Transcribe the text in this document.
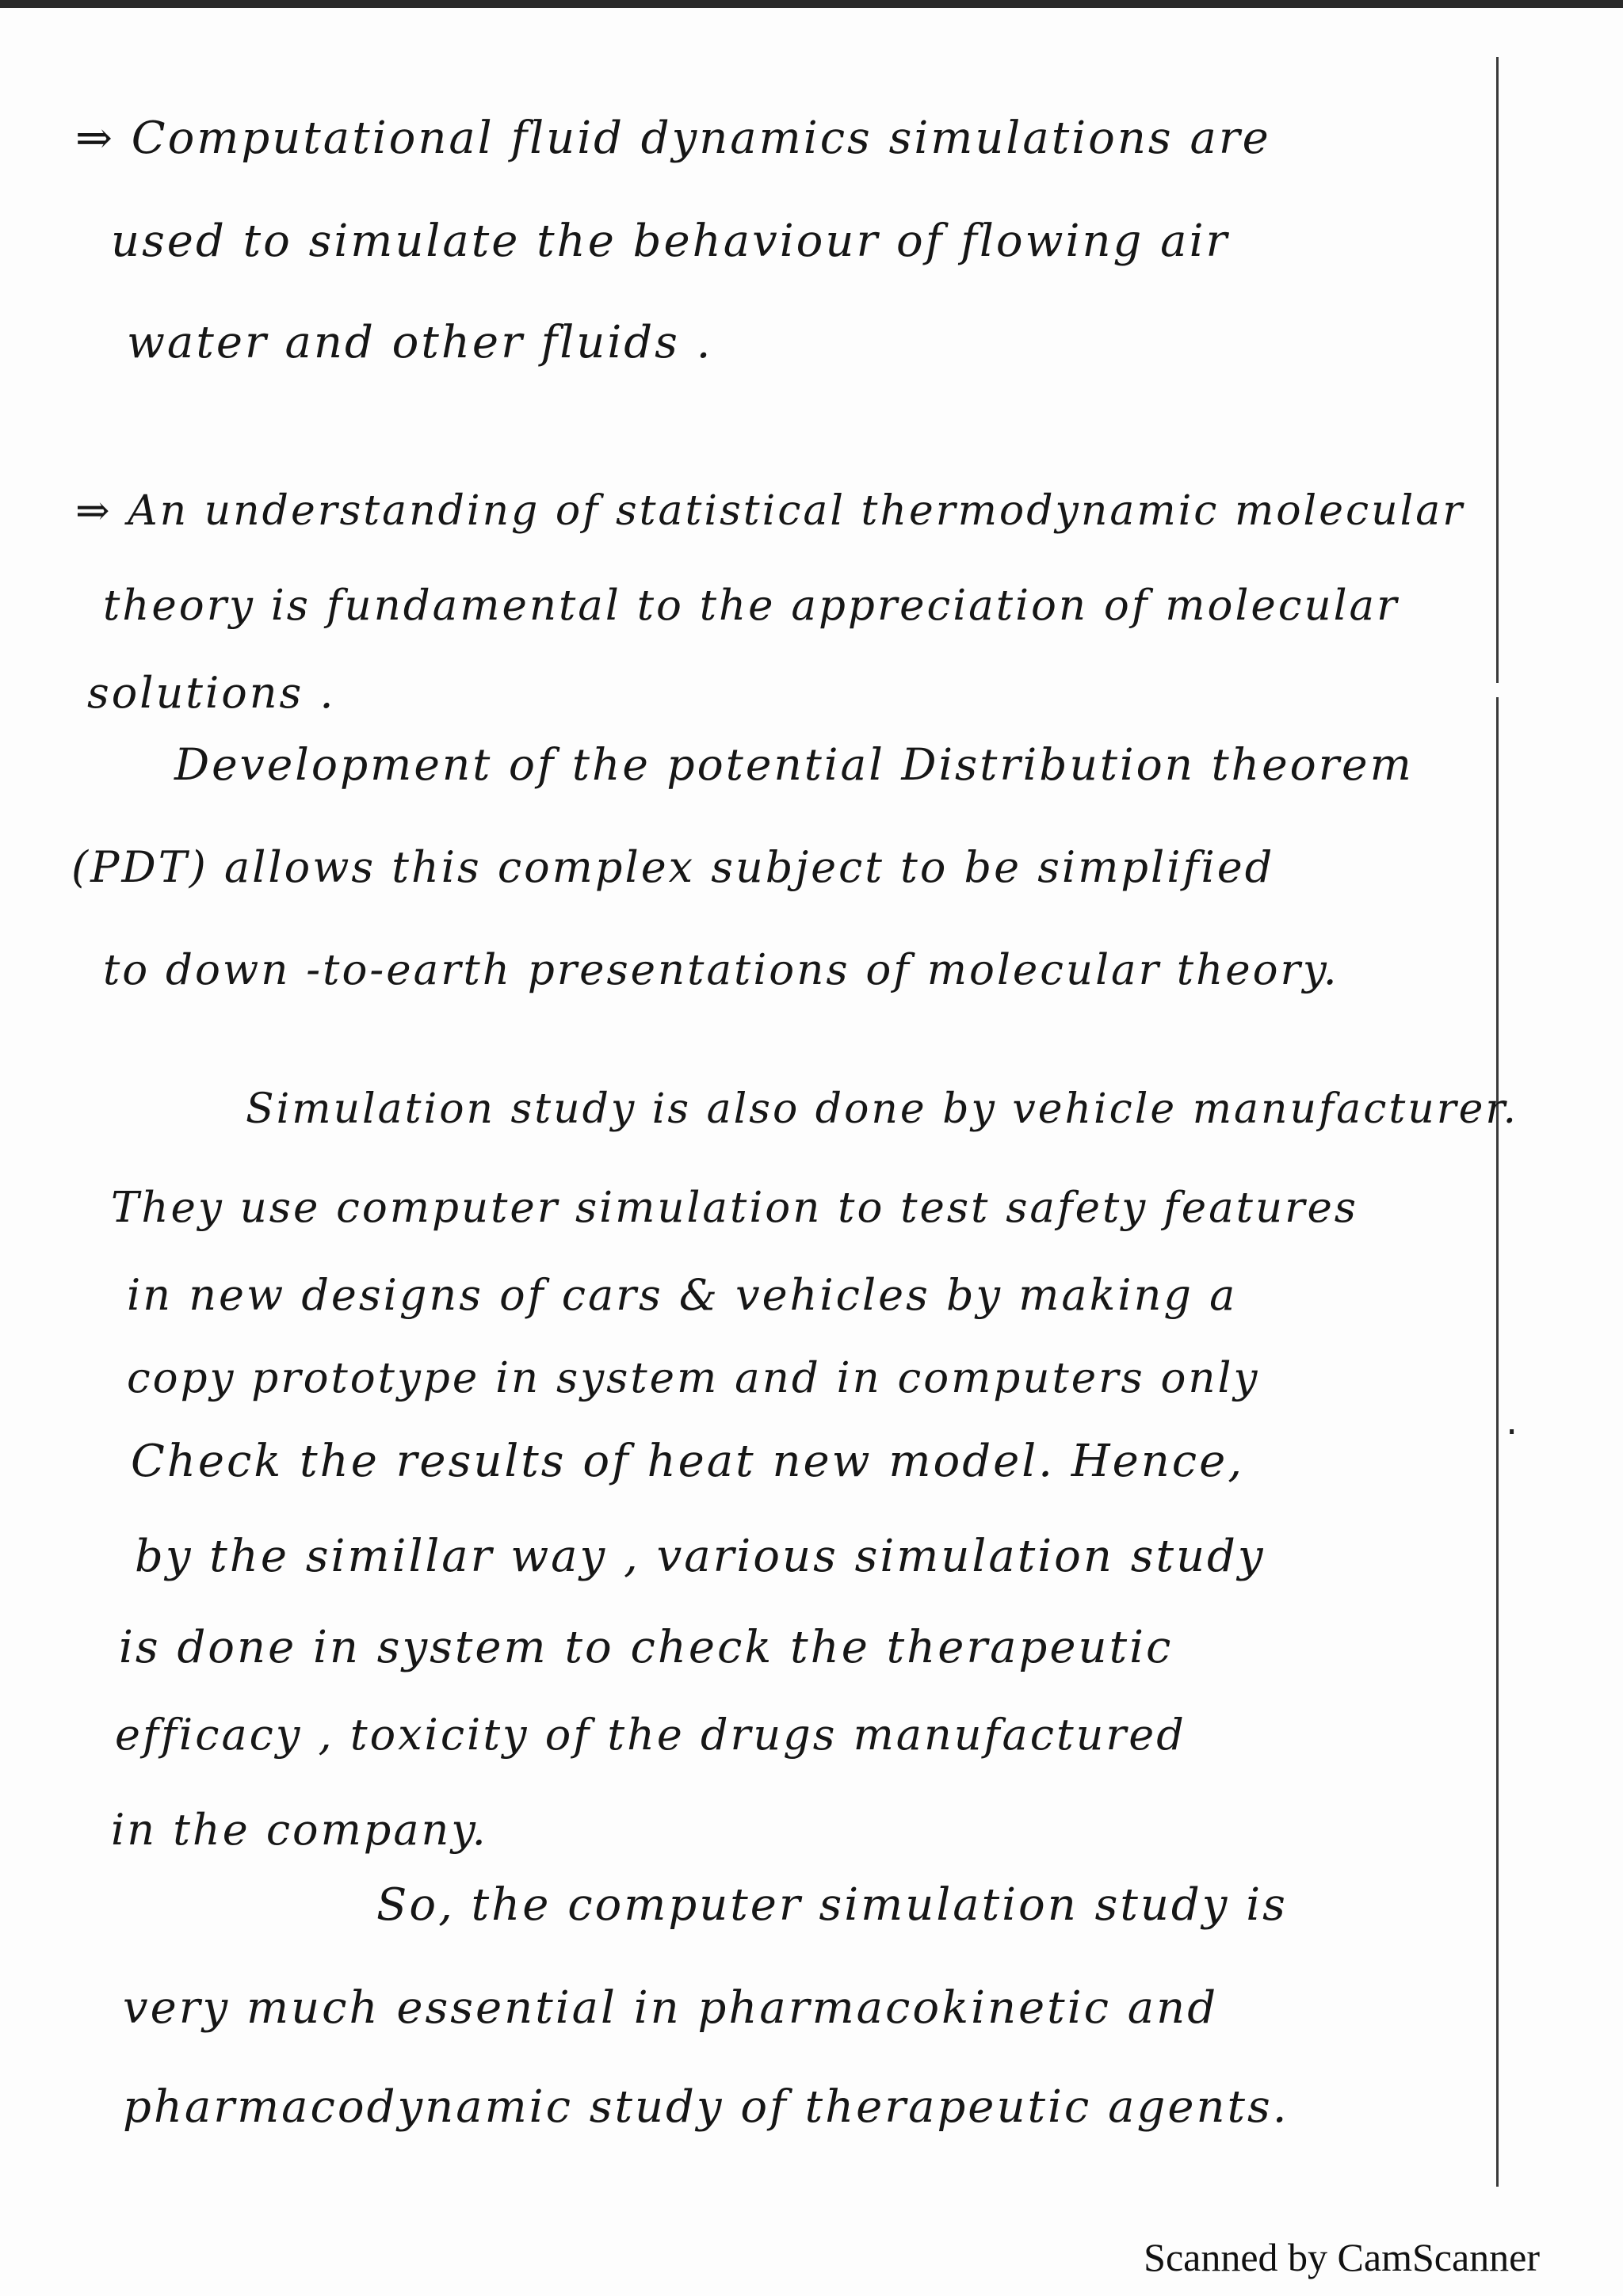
⇒ Computational fluid dynamics simulations are
used to simulate the behaviour of flowing air
water and other fluids .
⇒ An understanding of statistical thermodynamic molecular
theory is fundamental to the appreciation of molecular
solutions .
Development of the potential Distribution theorem
(PDT) allows this complex subject to be simplified
to down -to-earth presentations of molecular theory.
Simulation study is also done by vehicle manufacturer.
They use computer simulation to test safety features
in new designs of cars & vehicles by making a
copy prototype in system and in computers only
Check the results of heat new model. Hence,
by the simillar way , various simulation study
is done in system to check the therapeutic
efficacy , toxicity of the drugs manufactured
in the company.
So, the computer simulation study is
very much essential in pharmacokinetic and
pharmacodynamic study of therapeutic agents.
·
Scanned by CamScanner
